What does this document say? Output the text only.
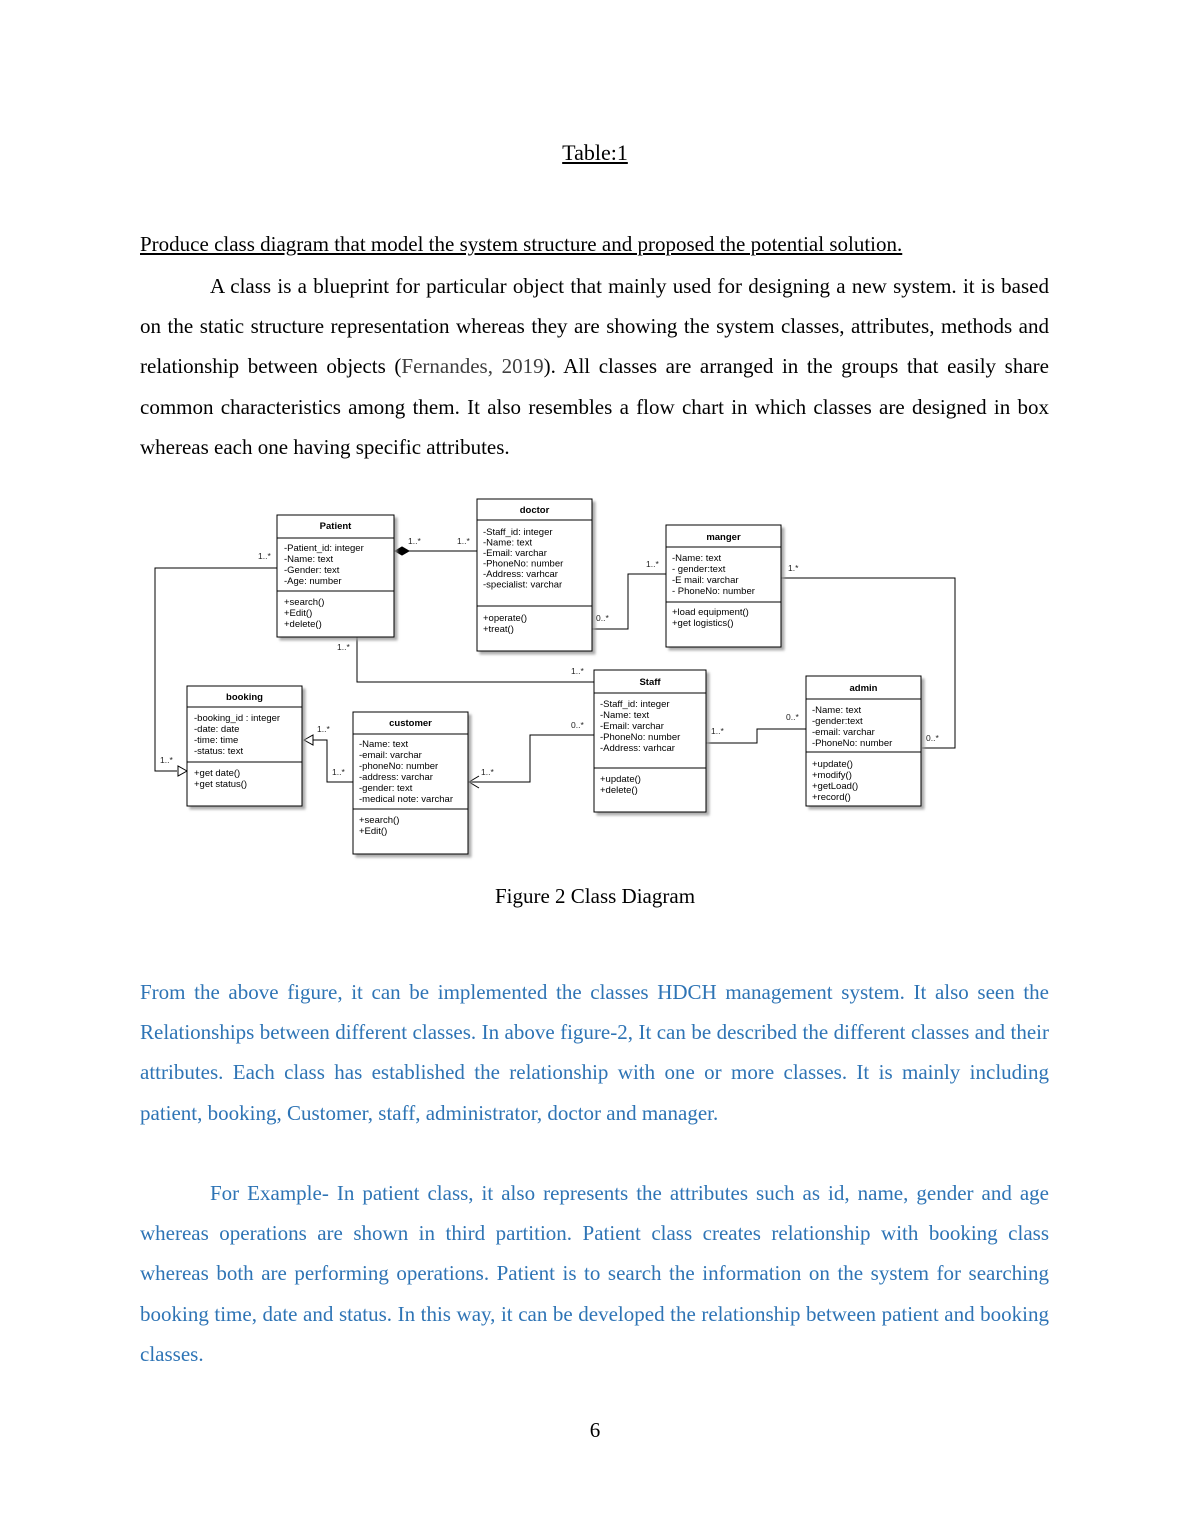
Table:1
Produce class diagram that model the system structure and proposed the potential solution.

A class is a blueprint for particular object that mainly used for designing a new system. it is based on the static structure representation whereas they are showing the system classes, attributes, methods and relationship between objects (Fernandes, 2019). All classes are arranged in the groups that easily share common characteristics among them. It also resembles a flow chart in which classes are designed in box whereas each one having specific attributes.

Patient
-Patient_id: integer
-Name: text
-Gender: text
-Age: number
+search()
+Edit()
+delete()
doctor
-Staff_id: integer
-Name: text
-Email: varchar
-PhoneNo: number
-Address: varhcar
-specialist: varchar
+operate()
+treat()
manger
-Name: text
- gender:text
-E mail: varchar
- PhoneNo: number
+load equipment()
+get logistics()
booking
-booking_id : integer
-date: date
-time: time
-status: text
+get date()
+get status()
customer
-Name: text
-email: varchar
-phoneNo: number
-address: varchar
-gender: text
-medical note: varchar
+search()
+Edit()
Staff
-Staff_id: integer
-Name: text
-Email: varchar
-PhoneNo: number
-Address: varhcar
+update()
+delete()
admin
-Name: text
-gender:text
-email: varchar
-PhoneNo: number
+update()
+modify()
+getLoad()
+record()
1..*	1..*
1..*
1..*
0..*
1..*	1.*
1..*
1..*
1..*
1..*
0..*
1..*
1..*
0..*
0..*
Figure 2 Class Diagram

From the above figure, it can be implemented the classes HDCH management system. It also seen the Relationships between different classes. In above figure-2, It can be described the different classes and their attributes. Each class has established the relationship with one or more classes. It is mainly including patient, booking, Customer, staff, administrator, doctor and manager.

For Example- In patient class, it also represents the attributes such as id, name, gender and age whereas operations are shown in third partition. Patient class creates relationship with booking class whereas both are performing operations. Patient is to search the information on the system for searching booking time, date and status. In this way, it can be developed the relationship between patient and booking classes.

6
